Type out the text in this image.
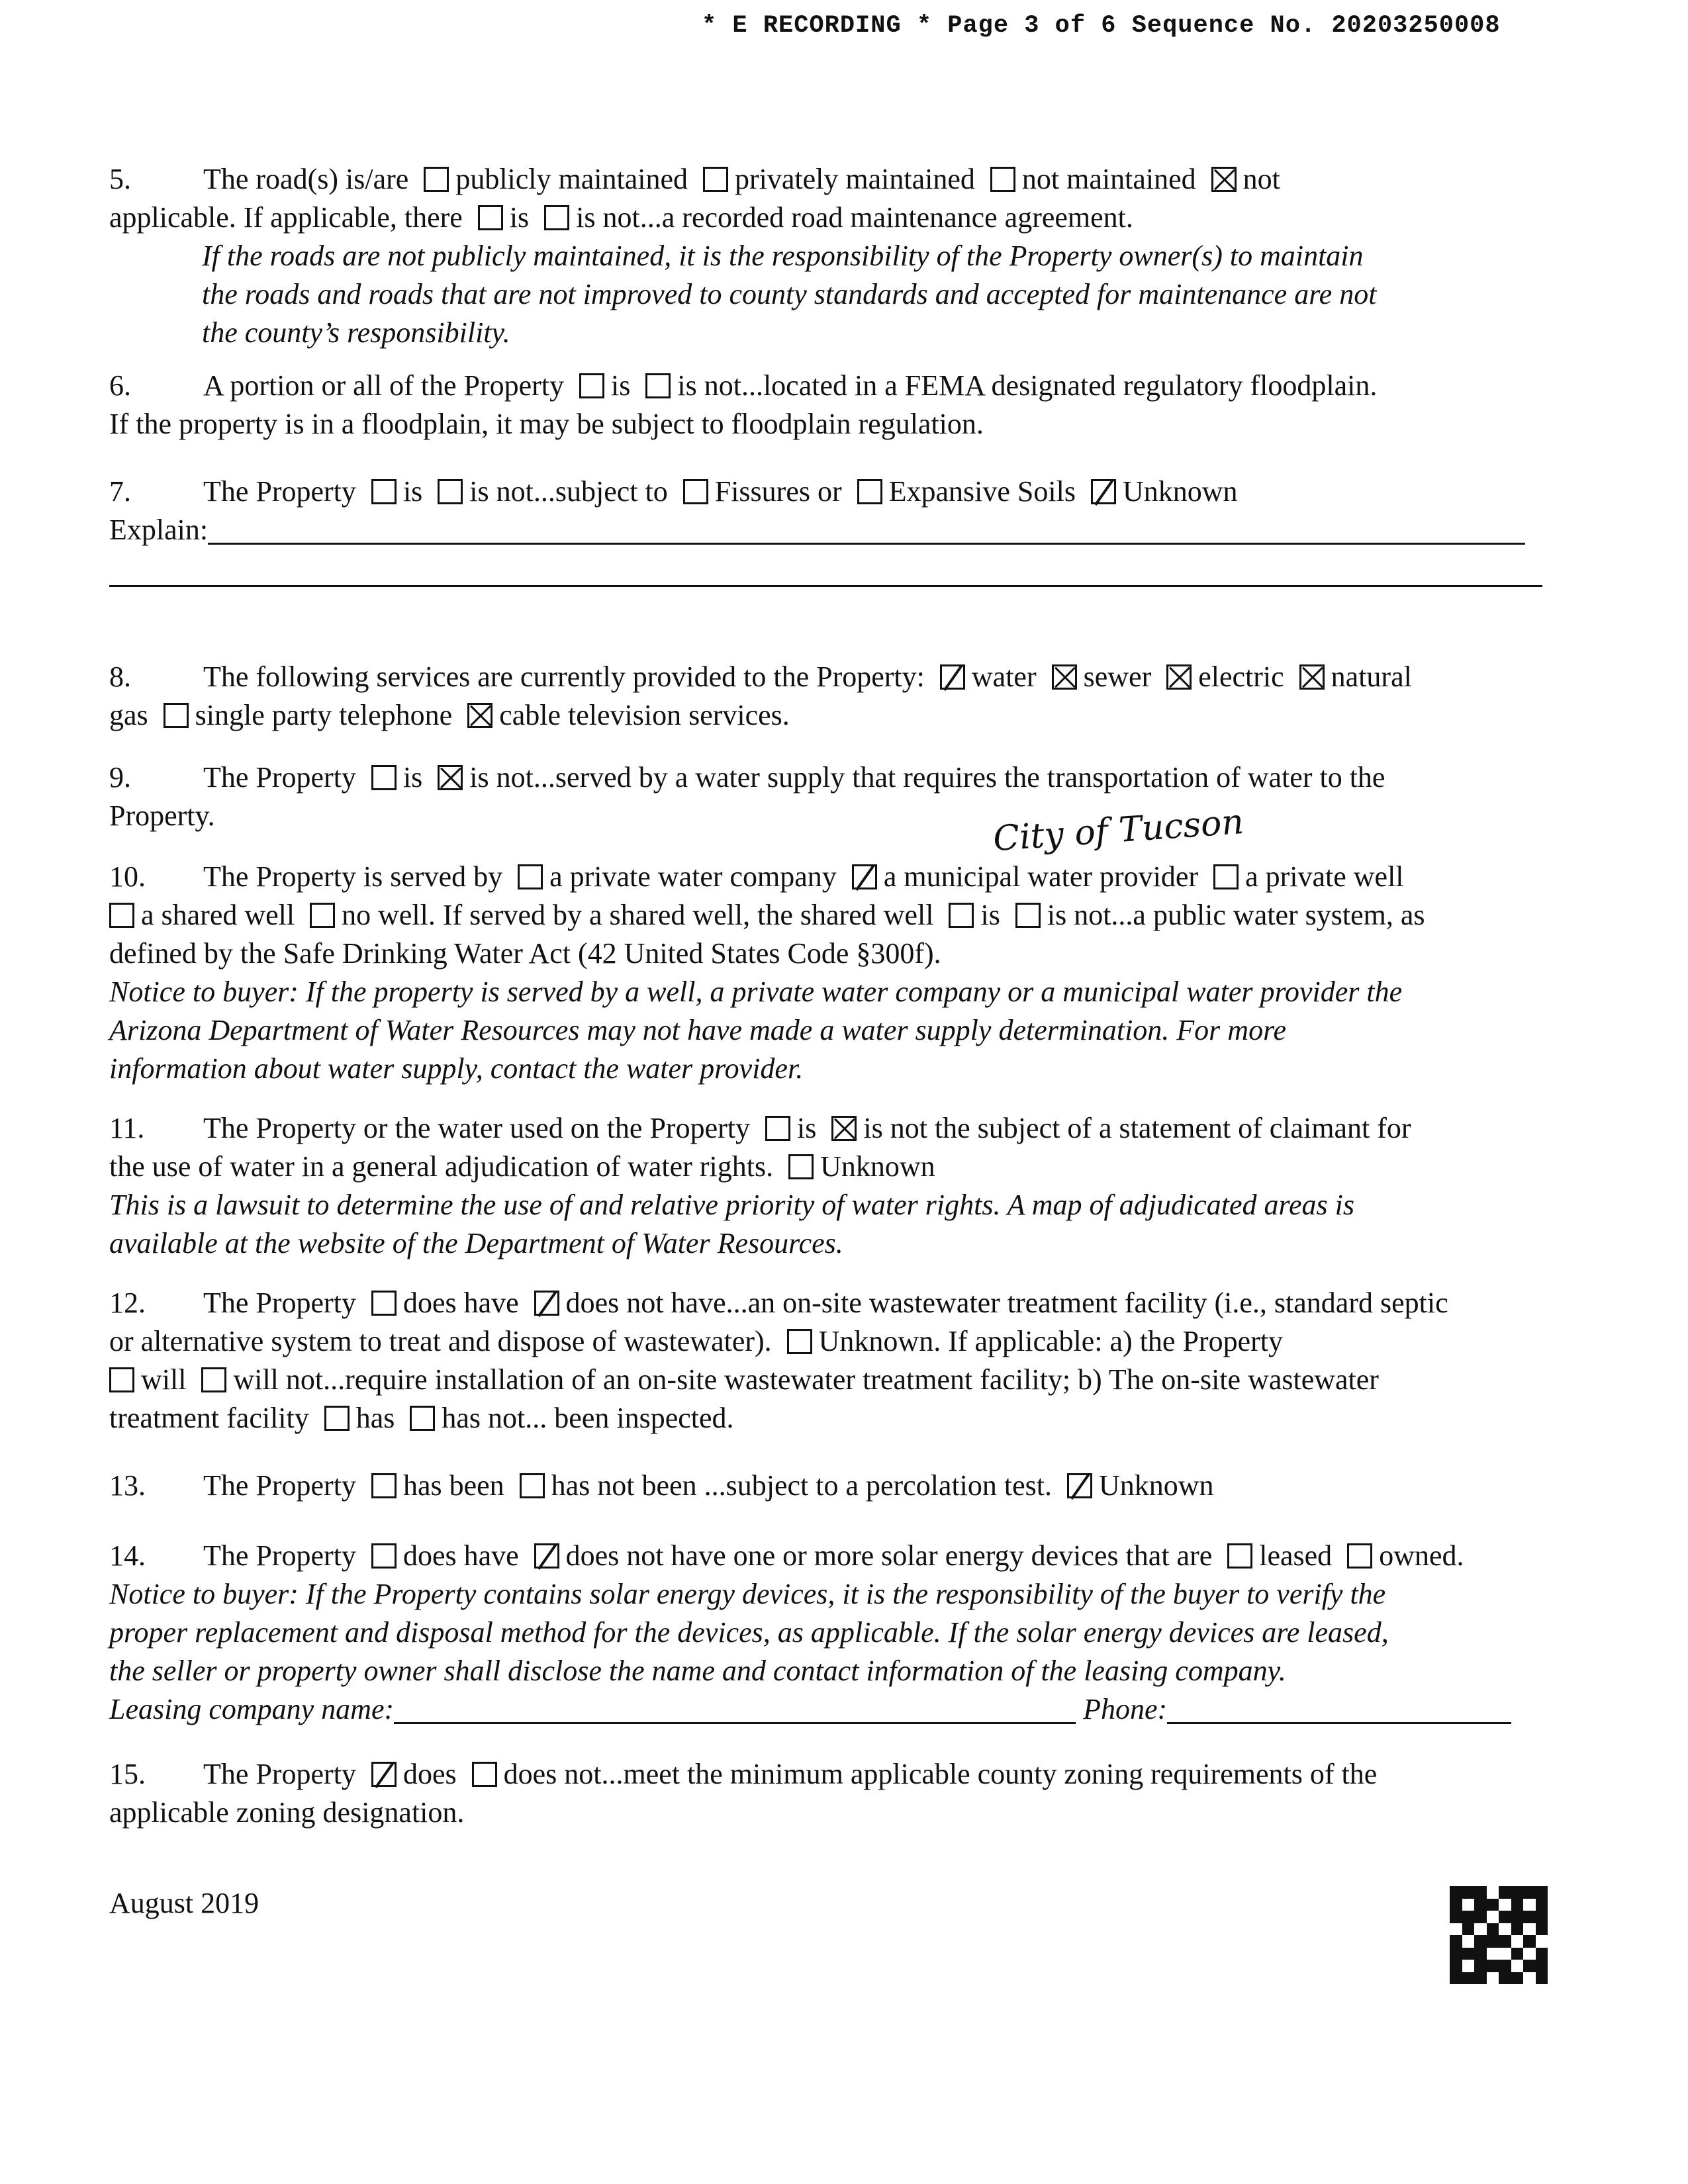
* E RECORDING * Page 3 of 6 Sequence No. 20203250008
5. The road(s) is/are publicly maintained privately maintained not maintained not
applicable. If applicable, there is is not...a recorded road maintenance agreement.
If the roads are not publicly maintained, it is the responsibility of the Property owner(s) to maintain
the roads and roads that are not improved to county standards and accepted for maintenance are not
the county’s responsibility.
6. A portion or all of the Property is is not...located in a FEMA designated regulatory floodplain.
If the property is in a floodplain, it may be subject to floodplain regulation.
7. The Property is is not...subject to Fissures or Expansive Soils Unknown
Explain:
8. The following services are currently provided to the Property: water sewer electric natural
gas single party telephone cable television services.
9. The Property is is not...served by a water supply that requires the transportation of water to the
Property.	City of Tucson
10. The Property is served by a private water company a municipal water provider a private well
a shared well no well. If served by a shared well, the shared well is is not...a public water system, as
defined by the Safe Drinking Water Act (42 United States Code §300f).
Notice to buyer: If the property is served by a well, a private water company or a municipal water provider the
Arizona Department of Water Resources may not have made a water supply determination. For more
information about water supply, contact the water provider.
11. The Property or the water used on the Property is is not the subject of a statement of claimant for
the use of water in a general adjudication of water rights. Unknown
This is a lawsuit to determine the use of and relative priority of water rights. A map of adjudicated areas is
available at the website of the Department of Water Resources.
12. The Property does have does not have...an on-site wastewater treatment facility (i.e., standard septic
or alternative system to treat and dispose of wastewater). Unknown. If applicable: a) the Property
will will not...require installation of an on-site wastewater treatment facility; b) The on-site wastewater
treatment facility has has not... been inspected.
13. The Property has been has not been ...subject to a percolation test. Unknown
14. The Property does have does not have one or more solar energy devices that are leased owned.
Notice to buyer: If the Property contains solar energy devices, it is the responsibility of the buyer to verify the
proper replacement and disposal method for the devices, as applicable. If the solar energy devices are leased,
the seller or property owner shall disclose the name and contact information of the leasing company.
Leasing company name:	Phone:
15. The Property does does not...meet the minimum applicable county zoning requirements of the
applicable zoning designation.
August 2019
